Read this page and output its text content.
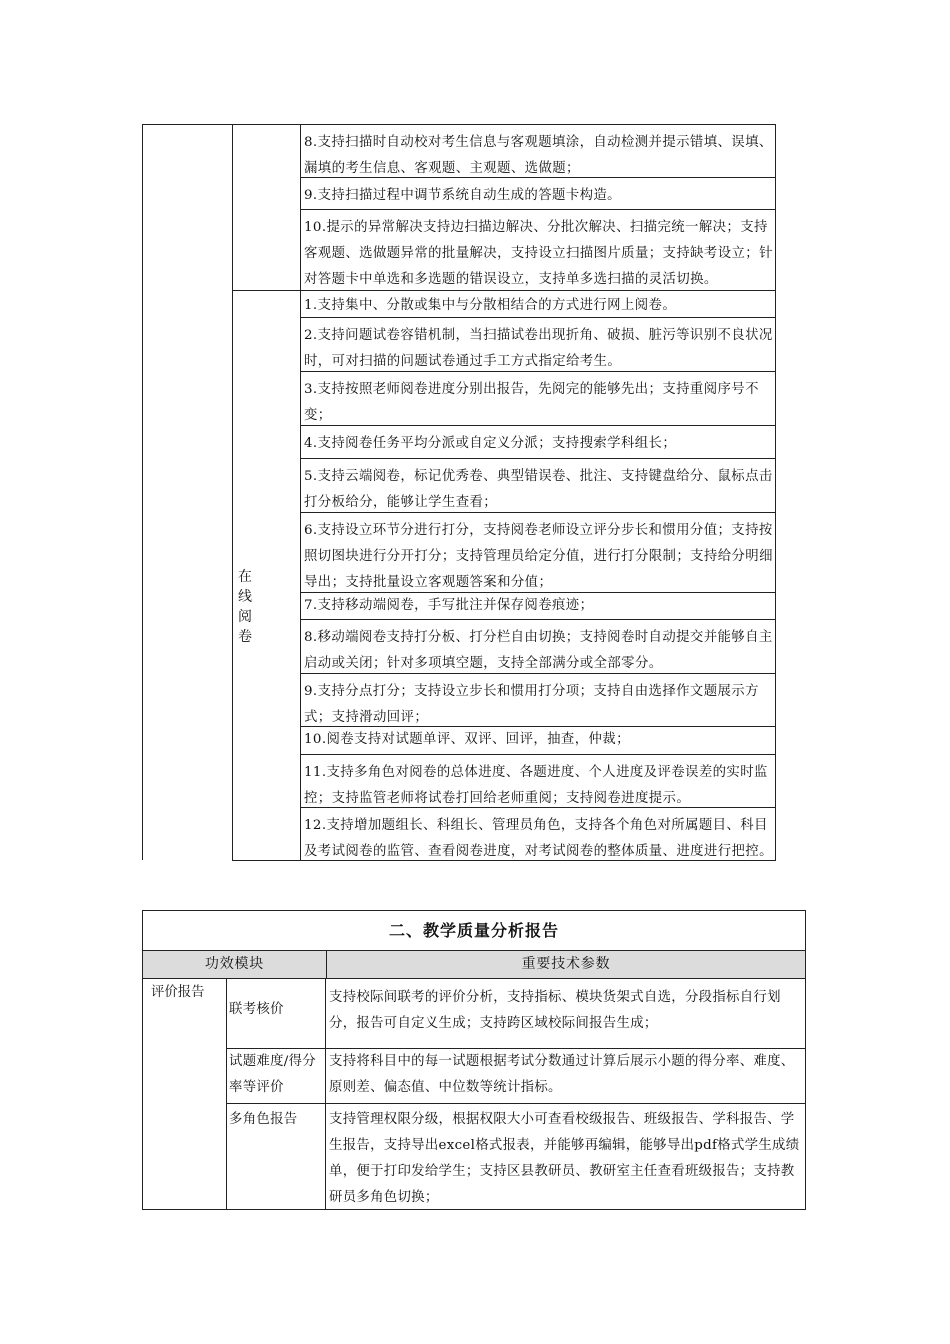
8.支持扫描时自动校对考生信息与客观题填涂，自动检测并提示错填、误填、漏填的考生信息、客观题、主观题、选做题；
9.支持扫描过程中调节系统自动生成的答题卡构造。
10.提示的异常解决支持边扫描边解决、分批次解决、扫描完统一解决；支持客观题、选做题异常的批量解决，支持设立扫描图片质量；支持缺考设立；针对答题卡中单选和多选题的错误设立，支持单多选扫描的灵活切换。
在线阅卷
1.支持集中、分散或集中与分散相结合的方式进行网上阅卷。
2.支持问题试卷容错机制，当扫描试卷出现折角、破损、脏污等识别不良状况时，可对扫描的问题试卷通过手工方式指定给考生。
3.支持按照老师阅卷进度分别出报告，先阅完的能够先出；支持重阅序号不变；
4.支持阅卷任务平均分派或自定义分派；支持搜索学科组长；
5.支持云端阅卷，标记优秀卷、典型错误卷、批注、支持键盘给分、鼠标点击打分板给分，能够让学生查看；
6.支持设立环节分进行打分，支持阅卷老师设立评分步长和惯用分值；支持按照切图块进行分开打分；支持管理员给定分值，进行打分限制；支持给分明细导出；支持批量设立客观题答案和分值；
7.支持移动端阅卷，手写批注并保存阅卷痕迹；
8.移动端阅卷支持打分板、打分栏自由切换；支持阅卷时自动提交并能够自主启动或关闭；针对多项填空题，支持全部满分或全部零分。
9.支持分点打分；支持设立步长和惯用打分项；支持自由选择作文题展示方式；支持滑动回评；
10.阅卷支持对试题单评、双评、回评，抽查，仲裁；
11.支持多角色对阅卷的总体进度、各题进度、个人进度及评卷误差的实时监控；支持监管老师将试卷打回给老师重阅；支持阅卷进度提示。
12.支持增加题组长、科组长、管理员角色，支持各个角色对所属题目、科目及考试阅卷的监管、查看阅卷进度，对考试阅卷的整体质量、进度进行把控。
二、教学质量分析报告
功效模块	重要技术参数
评价报告
联考核价
试题难度/得分率等评价
多角色报告
支持校际间联考的评价分析，支持指标、模块货架式自选，分段指标自行划分，报告可自定义生成；支持跨区域校际间报告生成；
支持将科目中的每一试题根据考试分数通过计算后展示小题的得分率、难度、原则差、偏态值、中位数等统计指标。
支持管理权限分级，根据权限大小可查看校级报告、班级报告、学科报告、学生报告，支持导出excel格式报表，并能够再编辑，能够导出pdf格式学生成绩单，便于打印发给学生；支持区县教研员、教研室主任查看班级报告；支持教研员多角色切换；
